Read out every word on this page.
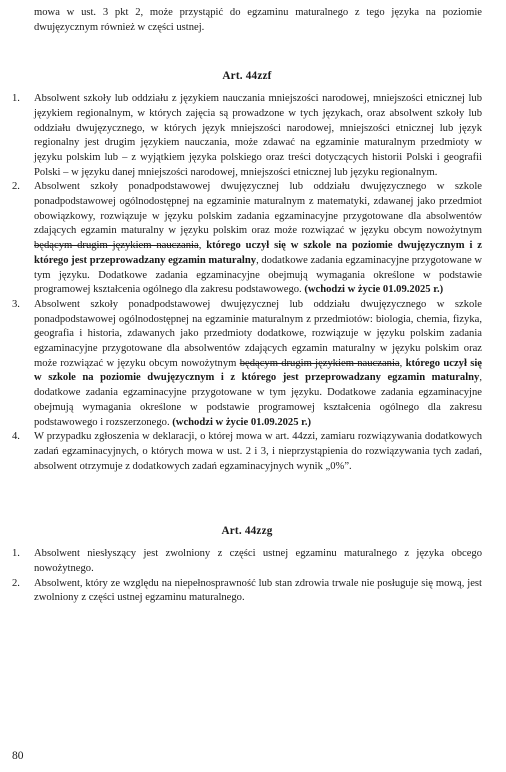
mowa w ust. 3 pkt 2, może przystąpić do egzaminu maturalnego z tego języka na poziomie dwujęzycznym również w części ustnej.

Art. 44zzf
1. Absolwent szkoły lub oddziału z językiem nauczania mniejszości narodowej, mniejszości etnicznej lub językiem regionalnym, w których zajęcia są prowadzone w tych językach, oraz absolwent szkoły lub oddziału dwujęzycznego, w których język mniejszości narodowej, mniejszości etnicznej lub język regionalny jest drugim językiem nauczania, może zdawać na egzaminie maturalnym przedmioty w języku polskim lub – z wyjątkiem języka polskiego oraz treści dotyczących historii Polski i geografii Polski – w języku danej mniejszości narodowej, mniejszości etnicznej lub języku regionalnym.
2. Absolwent szkoły ponadpodstawowej dwujęzycznej lub oddziału dwujęzycznego w szkole ponadpodstawowej ogólnodostępnej na egzaminie maturalnym z matematyki, zdawanej jako przedmiot obowiązkowy, rozwiązuje w języku polskim zadania egzaminacyjne przygotowane dla absolwentów zdających egzamin maturalny w języku polskim oraz może rozwiązać w języku obcym nowożytnym będącym drugim językiem nauczania, którego uczył się w szkole na poziomie dwujęzycznym i z którego jest przeprowadzany egzamin maturalny, dodatkowe zadania egzaminacyjne przygotowane w tym języku. Dodatkowe zadania egzaminacyjne obejmują wymagania określone w podstawie programowej kształcenia ogólnego dla zakresu podstawowego. (wchodzi w życie 01.09.2025 r.)
3. Absolwent szkoły ponadpodstawowej dwujęzycznej lub oddziału dwujęzycznego w szkole ponadpodstawowej ogólnodostępnej na egzaminie maturalnym z przedmiotów: biologia, chemia, fizyka, geografia i historia, zdawanych jako przedmioty dodatkowe, rozwiązuje w języku polskim zadania egzaminacyjne przygotowane dla absolwentów zdających egzamin maturalny w języku polskim oraz może rozwiązać w języku obcym nowożytnym będącym drugim językiem nauczania, którego uczył się w szkole na poziomie dwujęzycznym i z którego jest przeprowadzany egzamin maturalny, dodatkowe zadania egzaminacyjne przygotowane w tym języku. Dodatkowe zadania egzaminacyjne obejmują wymagania określone w podstawie programowej kształcenia ogólnego dla zakresu podstawowego i rozszerzonego. (wchodzi w życie 01.09.2025 r.)
4. W przypadku zgłoszenia w deklaracji, o której mowa w art. 44zzi, zamiaru rozwiązywania dodatkowych zadań egzaminacyjnych, o których mowa w ust. 2 i 3, i nieprzystąpienia do rozwiązywania tych zadań, absolwent otrzymuje z dodatkowych zadań egzaminacyjnych wynik „0%”.
Art. 44zzg
1. Absolwent niesłyszący jest zwolniony z części ustnej egzaminu maturalnego z języka obcego nowożytnego.
2. Absolwent, który ze względu na niepełnosprawność lub stan zdrowia trwale nie posługuje się mową, jest zwolniony z części ustnej egzaminu maturalnego.
80
